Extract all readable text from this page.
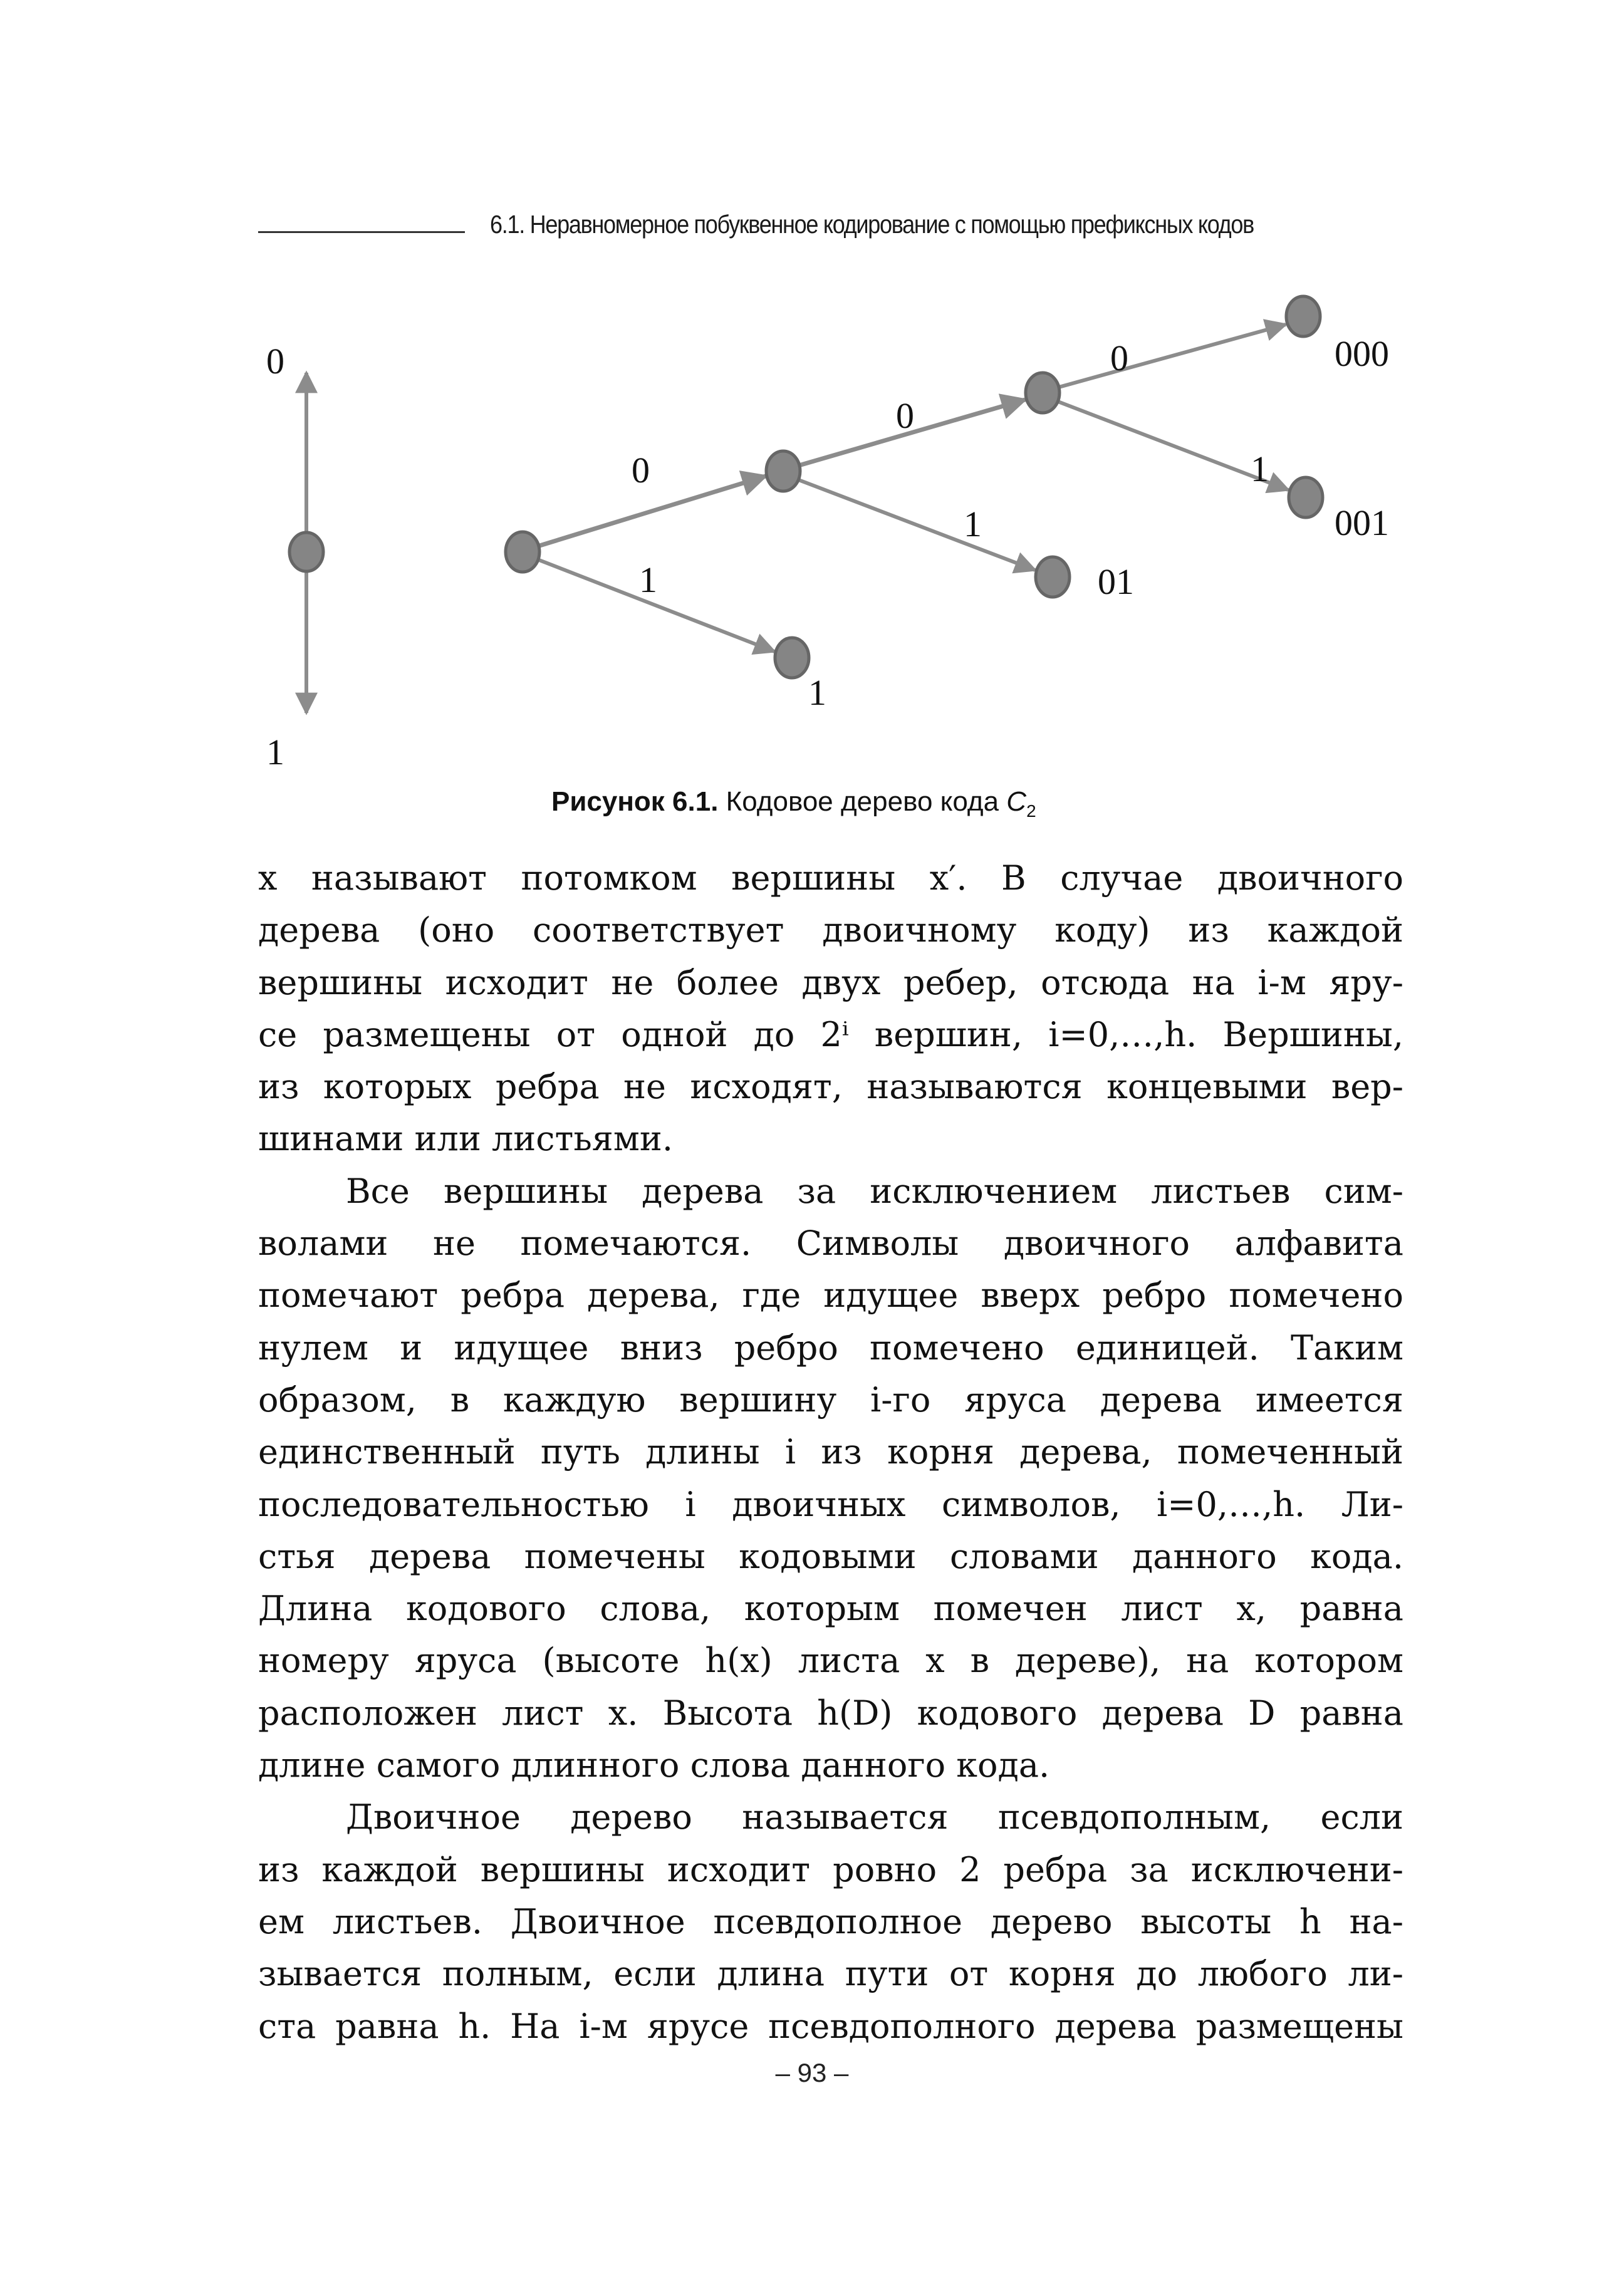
6.1. Неравномерное побуквенное кодирование с помощью префиксных кодов
0
1
0
1
0
1
0
1
1
01
000
001
Рисунок 6.1. Кодовое дерево кода $C_2$
x называют потомком вершины x′. В случае двоичного
дерева (оно соответствует двоичному коду) из каждой
вершины исходит не более двух ребер, отсюда на i-м яру-
се размещены от одной до 2ⁱ вершин, i=0,…,h. Вершины,
из которых ребра не исходят, называются концевыми вер-
шинами или листьями.
Все вершины дерева за исключением листьев сим-
волами не помечаются. Символы двоичного алфавита
помечают ребра дерева, где идущее вверх ребро помечено
нулем и идущее вниз ребро помечено единицей. Таким
образом, в каждую вершину i-го яруса дерева имеется
единственный путь длины i из корня дерева, помеченный
последовательностью i двоичных символов, i=0,…,h. Ли-
стья дерева помечены кодовыми словами данного кода.
Длина кодового слова, которым помечен лист x, равна
номеру яруса (высоте h(x) листа x в дереве), на котором
расположен лист x. Высота h(D) кодового дерева D равна
длине самого длинного слова данного кода.
Двоичное дерево называется псевдополным, если
из каждой вершины исходит ровно 2 ребра за исключени-
ем листьев. Двоичное псевдополное дерево высоты h на-
зывается полным, если длина пути от корня до любого ли-
ста равна h. На i-м ярусе псевдополного дерева размещены
– 93 –
